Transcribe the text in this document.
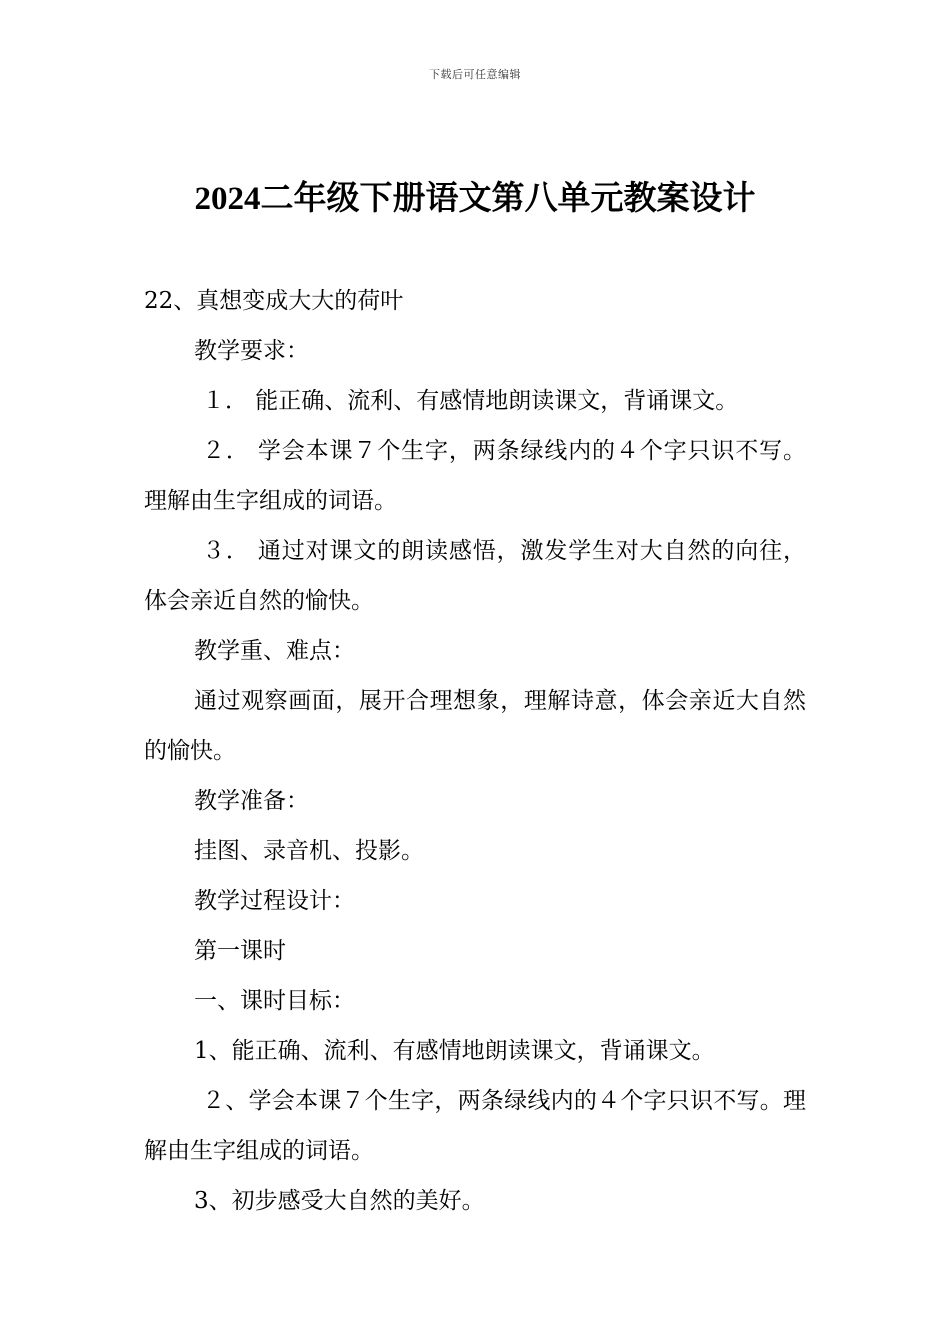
下载后可任意编辑
2024二年级下册语文第八单元教案设计

22、真想变成大大的荷叶

教学要求：

１． 能正确、流利、有感情地朗读课文，背诵课文。

２． 学会本课７个生字，两条绿线内的４个字只识不写。理解由生字组成的词语。

３． 通过对课文的朗读感悟，激发学生对大自然的向往，体会亲近自然的愉快。

教学重、难点：

通过观察画面，展开合理想象，理解诗意，体会亲近大自然的愉快。

教学准备：

挂图、录音机、投影。

教学过程设计：

第一课时

一、课时目标：

1、能正确、流利、有感情地朗读课文，背诵课文。

２、学会本课７个生字，两条绿线内的４个字只识不写。理解由生字组成的词语。

3、初步感受大自然的美好。
